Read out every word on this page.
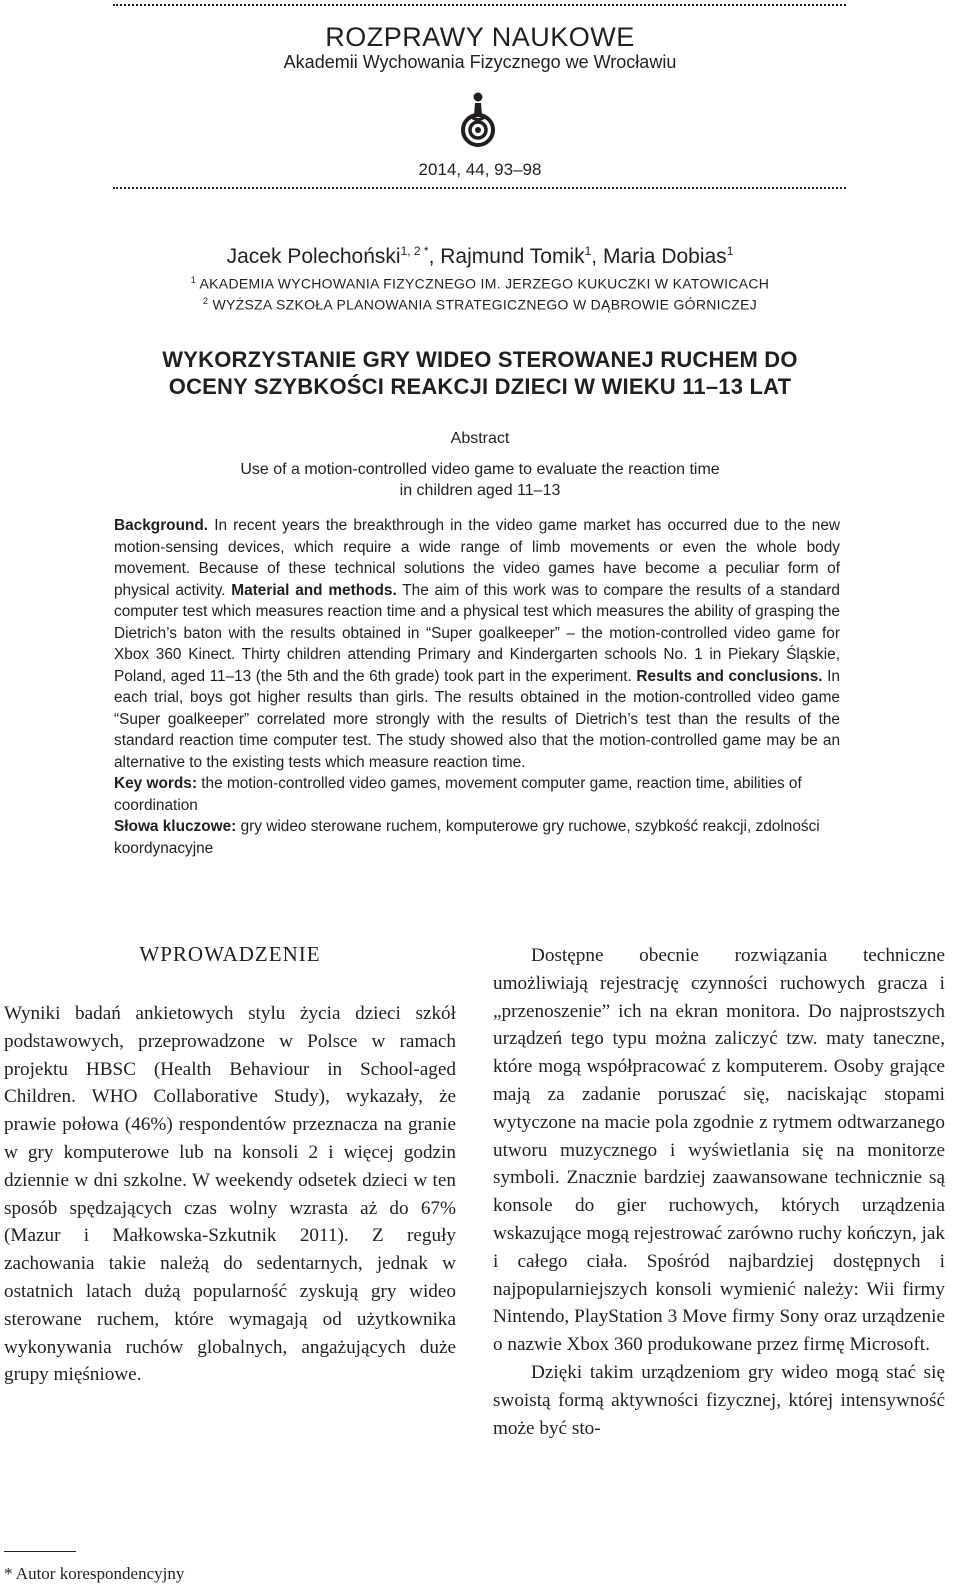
ROZPRAWY NAUKOWE
Akademii Wychowania Fizycznego we Wrocławiu
2014, 44, 93–98
Jacek Polechoński$^{1, 2 *}$, Rajmund Tomik$^1$, Maria Dobias$^1$
$^1$ AKADEMIA WYCHOWANIA FIZYCZNEGO IM. JERZEGO KUKUCZKI W KATOWICACH
$^2$ WYŻSZA SZKOŁA PLANOWANIA STRATEGICZNEGO W DĄBROWIE GÓRNICZEJ
WYKORZYSTANIE GRY WIDEO STEROWANEJ RUCHEM DO
OCENY SZYBKOŚCI REAKCJI DZIECI W WIEKU 11–13 LAT
Abstract
Use of a motion-controlled video game to evaluate the reaction time
in children aged 11–13

Background. In recent years the breakthrough in the video game market has occurred due to the new motion-sensing devices, which require a wide range of limb movements or even the whole body movement. Because of these technical solutions the video games have become a peculiar form of physical activity. Material and methods. The aim of this work was to compare the results of a standard computer test which measures reaction time and a physical test which measures the ability of grasping the Dietrich’s baton with the results obtained in “Super goalkeeper” – the motion-controlled video game for Xbox 360 Kinect. Thirty children attending Primary and Kindergarten schools No. 1 in Piekary Śląskie, Poland, aged 11–13 (the 5th and the 6th grade) took part in the experiment. Results and conclusions. In each trial, boys got higher results than girls. The results obtained in the motion-controlled video game “Super goalkeeper” correlated more strongly with the results of Dietrich’s test than the results of the standard reaction time computer test. The study showed also that the motion-controlled game may be an alternative to the existing tests which measure reaction time.

Key words: the motion-controlled video games, movement computer game, reaction time, abilities of coordination

Słowa kluczowe: gry wideo sterowane ruchem, komputerowe gry ruchowe, szybkość reakcji, zdolności koordynacyjne

WPROWADZENIE

Wyniki badań ankietowych stylu życia dzieci szkół podstawowych, przeprowadzone w Polsce w ramach projektu HBSC (Health Behaviour in School-aged Children. WHO Collaborative Study), wykazały, że prawie połowa (46%) respondentów przeznacza na granie w gry komputerowe lub na konsoli 2 i więcej godzin dziennie w dni szkolne. W weekendy odsetek dzieci w ten sposób spędzających czas wolny wzrasta aż do 67% (Mazur i Małkowska-Szkutnik 2011). Z reguły zachowania takie należą do sedentarnych, jednak w ostatnich latach dużą popularność zyskują gry wideo sterowane ruchem, które wymagają od użytkownika wykonywania ruchów globalnych, angażujących duże grupy mięśniowe.

Dostępne obecnie rozwiązania techniczne umożliwiają rejestrację czynności ruchowych gracza i „przenoszenie” ich na ekran monitora. Do najprostszych urządzeń tego typu można zaliczyć tzw. maty taneczne, które mogą współpracować z komputerem. Osoby grające mają za zadanie poruszać się, naciskając stopami wytyczone na macie pola zgodnie z rytmem odtwarzanego utworu muzycznego i wyświetlania się na monitorze symboli. Znacznie bardziej zaawansowane technicznie są konsole do gier ruchowych, których urządzenia wskazujące mogą rejestrować zarówno ruchy kończyn, jak i całego ciała. Spośród najbardziej dostępnych i najpopularniejszych konsoli wymienić należy: Wii firmy Nintendo, PlayStation 3 Move firmy Sony oraz urządzenie o nazwie Xbox 360 produkowane przez firmę Microsoft.

Dzięki takim urządzeniom gry wideo mogą stać się swoistą formą aktywności fizycznej, której intensywność może być sto-

* Autor korespondencyjny
